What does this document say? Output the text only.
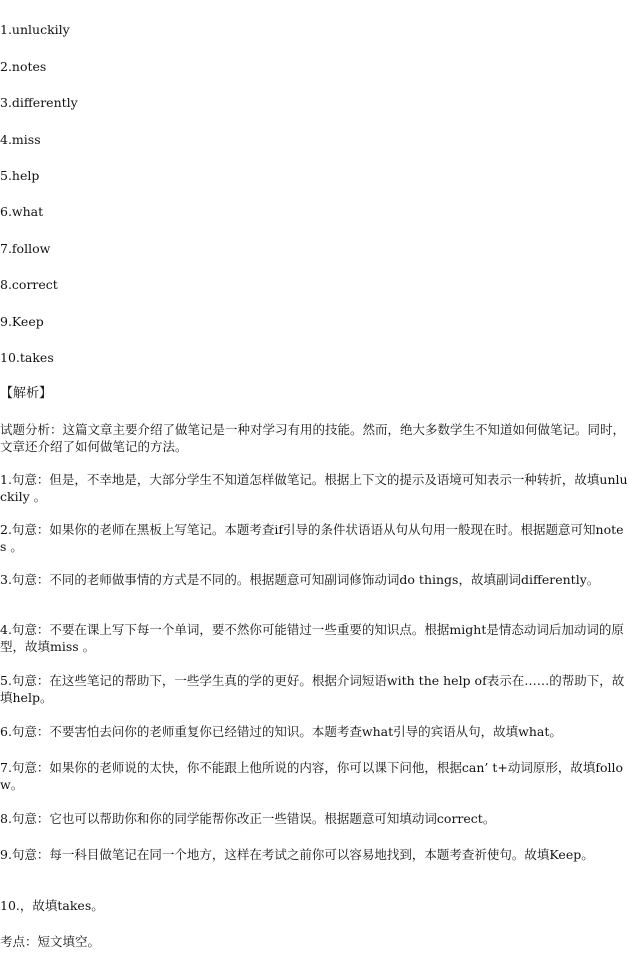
1.unluckily
2.notes
3.differently
4.miss
5.help
6.what
7.follow
8.correct
9.Keep
10.takes
【解析】
试题分析：这篇文章主要介绍了做笔记是一种对学习有用的技能。然而，绝大多数学生不知道如何做笔记。同时，文章还介绍了如何做笔记的方法。
1.句意：但是，不幸地是，大部分学生不知道怎样做笔记。根据上下文的提示及语境可知表示一种转折，故填unluckily 。
2.句意：如果你的老师在黑板上写笔记。本题考查if引导的条件状语语从句从句用一般现在时。根据题意可知notes 。
3.句意：不同的老师做事情的方式是不同的。根据题意可知副词修饰动词do things，故填副词differently。
4.句意：不要在课上写下每一个单词，要不然你可能错过一些重要的知识点。根据might是情态动词后加动词的原型，故填miss 。
5.句意：在这些笔记的帮助下，一些学生真的学的更好。根据介词短语with the help of表示在……的帮助下，故填help。
6.句意：不要害怕去问你的老师重复你已经错过的知识。本题考查what引导的宾语从句，故填what。
7.句意：如果你的老师说的太快，你不能跟上他所说的内容，你可以课下问他，根据can’ t+动词原形，故填follow。
8.句意：它也可以帮助你和你的同学能帮你改正一些错误。根据题意可知填动词correct。
9.句意：每一科目做笔记在同一个地方，这样在考试之前你可以容易地找到，本题考查祈使句。故填Keep。
10.，故填takes。
考点：短文填空。
